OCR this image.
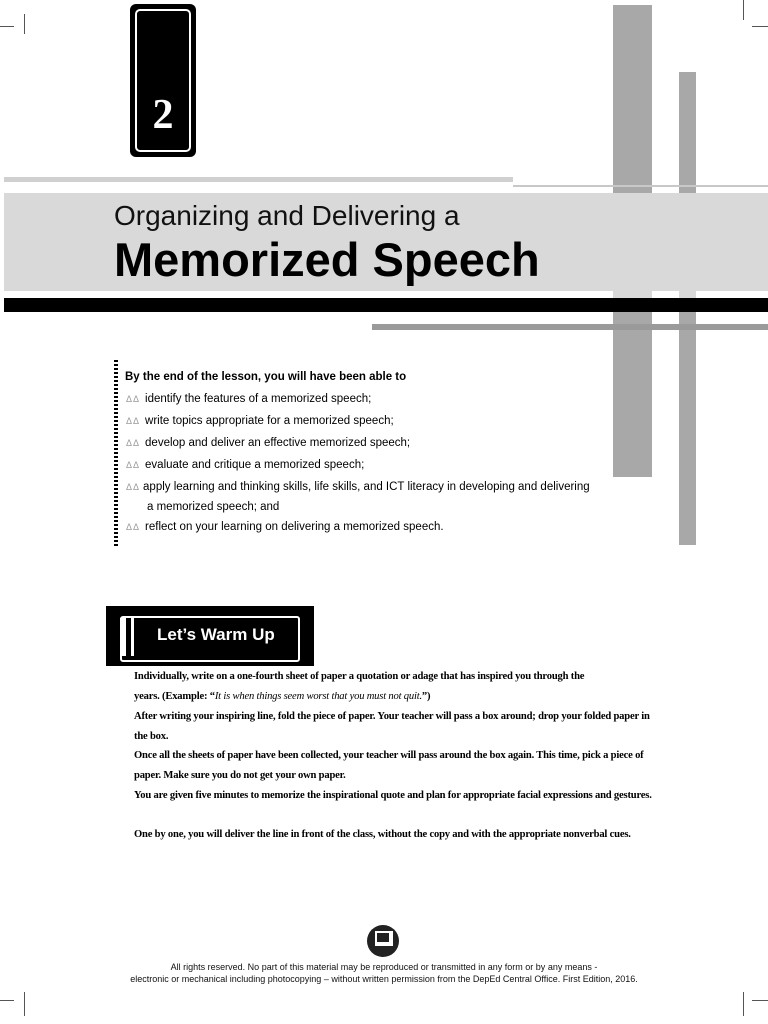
2
Organizing and Delivering a
Memorized Speech
By the end of the lesson, you will have been able to
ΔΔ identify the features of a memorized speech;
ΔΔ write topics appropriate for a memorized speech;
ΔΔ develop and deliver an effective memorized speech;
ΔΔ evaluate and critique a memorized speech;
ΔΔ apply learning and thinking skills, life skills, and ICT literacy in developing and delivering
a memorized speech; and
ΔΔ reflect on your learning on delivering a memorized speech.
Let’s Warm Up
Individually, write on a one-fourth sheet of paper a quotation or adage that has inspired you through the
years. (Example: “It is when things seem worst that you must not quit.”)
After writing your inspiring line, fold the piece of paper. Your teacher will pass a box around; drop your folded paper in the box.
Once all the sheets of paper have been collected, your teacher will pass around the box again. This time, pick a piece of paper. Make sure you do not get your own paper.
You are given five minutes to memorize the inspirational quote and plan for appropriate facial expressions and gestures.
One by one, you will deliver the line in front of the class, without the copy and with the appropriate nonverbal cues.
All rights reserved. No part of this material may be reproduced or transmitted in any form or by any means -
electronic or mechanical including photocopying – without written permission from the DepEd Central Office. First Edition, 2016.
